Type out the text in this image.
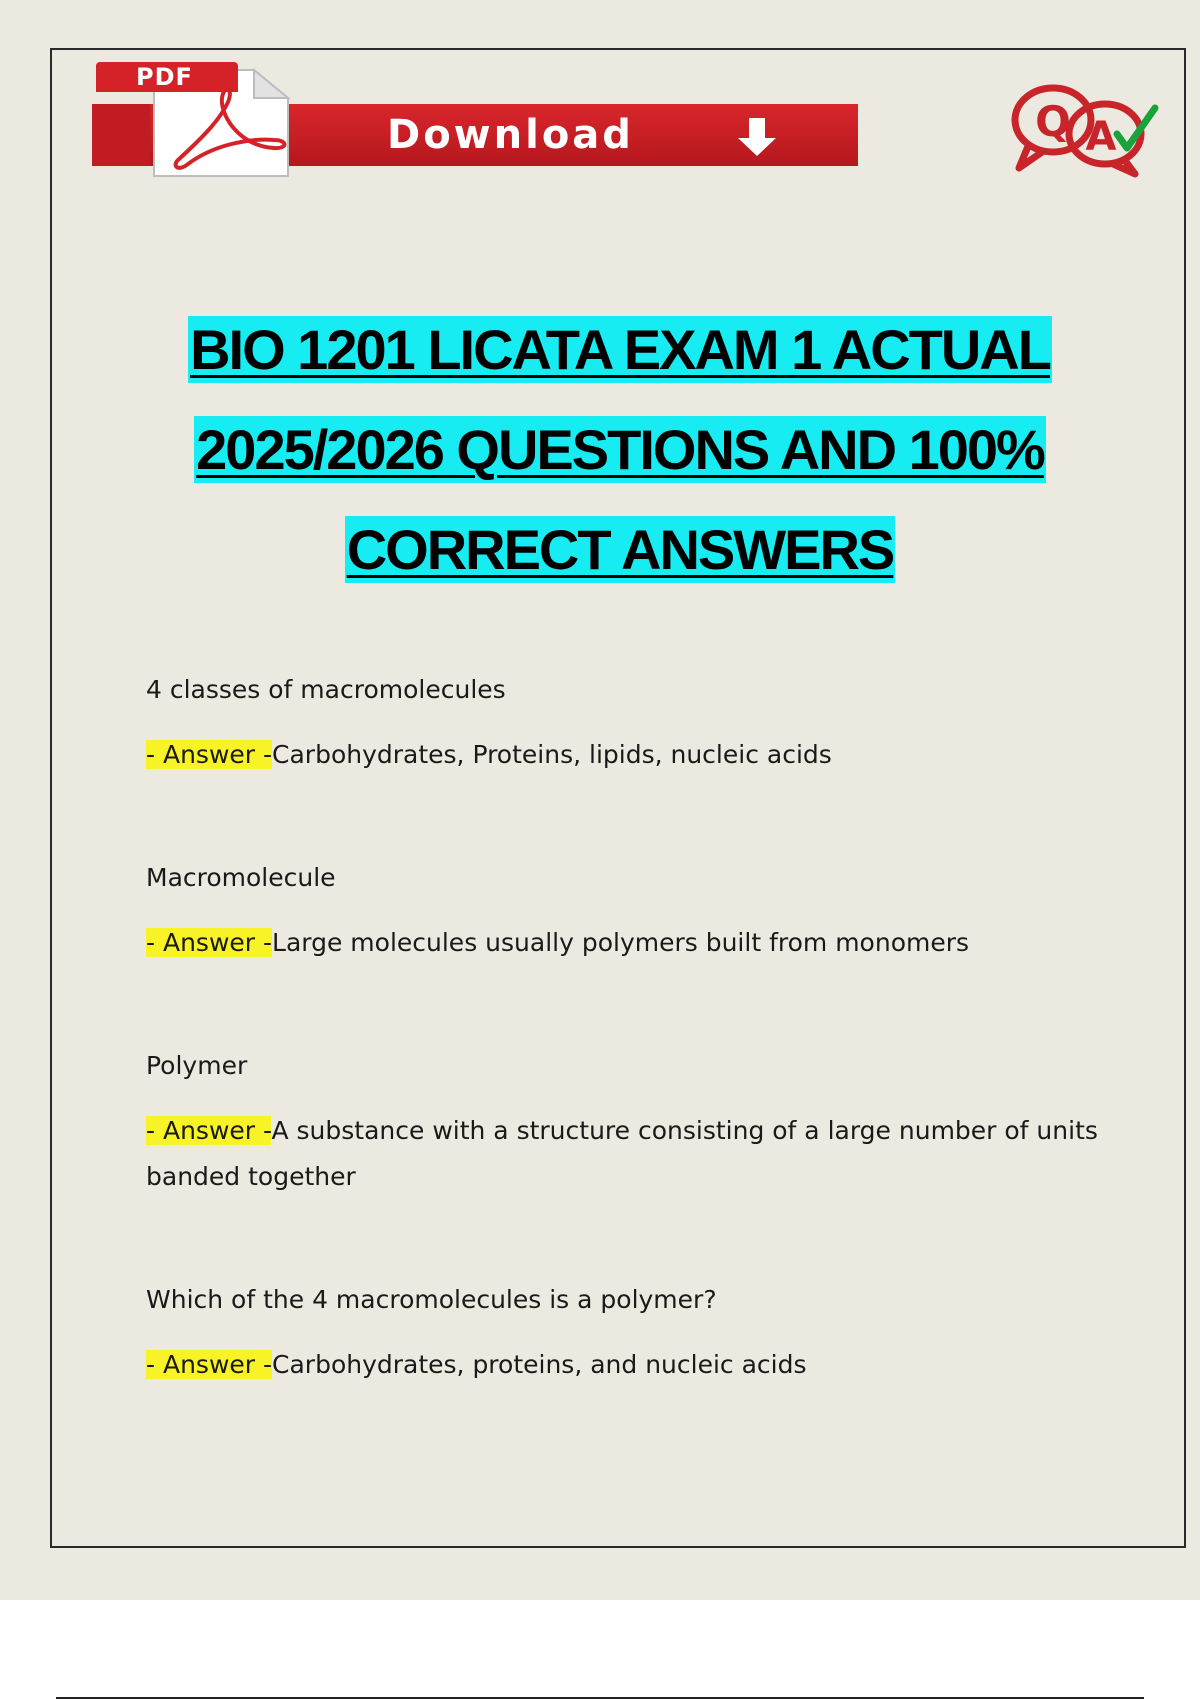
PDF
Download	Q A
BIO 1201 LICATA EXAM 1 ACTUAL
2025/2026 QUESTIONS AND 100%
CORRECT ANSWERS
4 classes of macromolecules
- Answer -Carbohydrates, Proteins, lipids, nucleic acids
Macromolecule
- Answer -Large molecules usually polymers built from monomers
Polymer
- Answer -A substance with a structure consisting of a large number of units banded together
Which of the 4 macromolecules is a polymer?
- Answer -Carbohydrates, proteins, and nucleic acids
